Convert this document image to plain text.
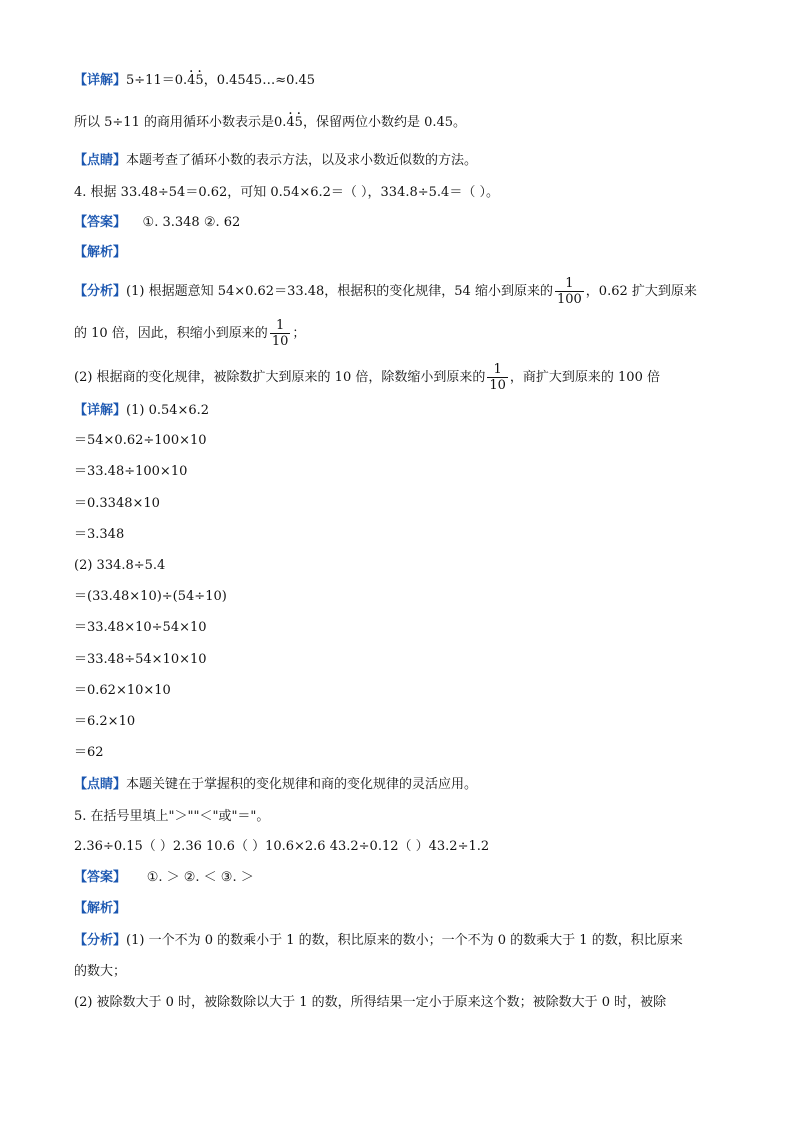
【详解】5÷11＝0.· 4· 5，0.4545…≈0.45
所以 5÷11 的商用循环小数表示是0.· 4· 5，保留两位小数约是 0.45。
【点睛】本题考查了循环小数的表示方法，以及求小数近似数的方法。
4. 根据 33.48÷54＝0.62，可知 0.54×6.2＝（ ），334.8÷5.4＝（ ）。
【答案】 ①. 3.348 ②. 62
【解析】
【分析】(1) 根据题意知 54×0.62＝33.48，根据积的变化规律，54 缩小到原来的 $\frac{1}{100}$ ，0.62 扩大到原来
的 10 倍，因此，积缩小到原来的 $\frac{1}{10}$ ；
(2) 根据商的变化规律，被除数扩大到原来的 10 倍，除数缩小到原来的 $\frac{1}{10}$ ，商扩大到原来的 100 倍
【详解】(1) 0.54×6.2
＝54×0.62÷100×10
＝33.48÷100×10
＝0.3348×10
＝3.348
(2) 334.8÷5.4
＝(33.48×10)÷(54÷10)
＝33.48×10÷54×10
＝33.48÷54×10×10
＝0.62×10×10
＝6.2×10
＝62
【点睛】本题关键在于掌握积的变化规律和商的变化规律的灵活应用。
5. 在括号里填上"＞""＜"或"＝"。
2.36÷0.15（ ）2.36 10.6（ ）10.6×2.6 43.2÷0.12（ ）43.2÷1.2
【答案】 ①. ＞ ②. ＜ ③. ＞
【解析】
【分析】(1) 一个不为 0 的数乘小于 1 的数，积比原来的数小；一个不为 0 的数乘大于 1 的数，积比原来
的数大；
(2) 被除数大于 0 时，被除数除以大于 1 的数，所得结果一定小于原来这个数；被除数大于 0 时，被除
